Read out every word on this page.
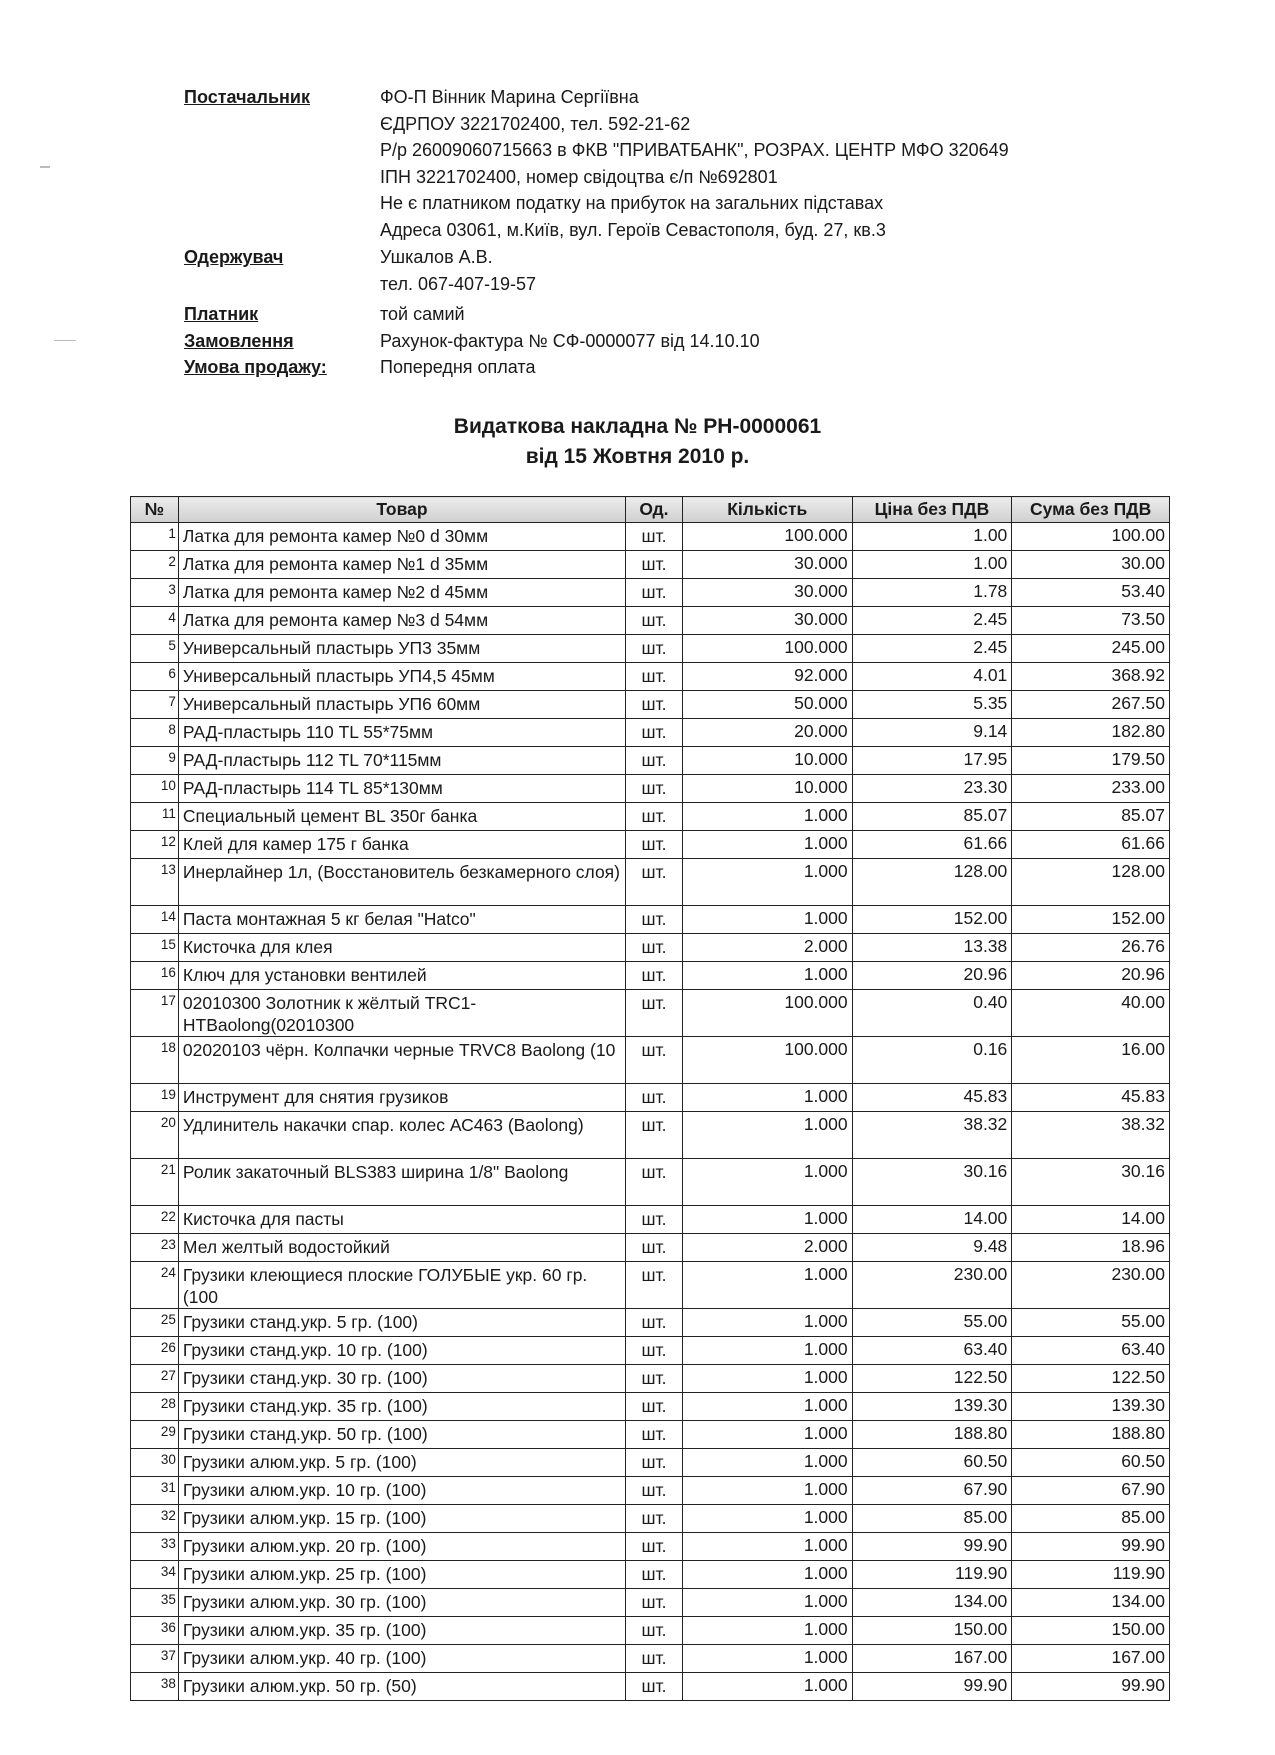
Постачальник	ФО-П Вінник Марина Сергіївна
ЄДРПОУ 3221702400, тел. 592-21-62
Р/р 26009060715663 в ФКВ "ПРИВАТБАНК", РОЗРАХ. ЦЕНТР МФО 320649
ІПН 3221702400, номер свідоцтва є/п №692801
Не є платником податку на прибуток на загальних підставах
Адреса 03061, м.Київ, вул. Героїв Севастополя, буд. 27, кв.3
Одержувач	Ушкалов А.В.
тел. 067-407-19-57
Платник	той самий
Замовлення	Рахунок-фактура № СФ-0000077 від 14.10.10
Умова продажу:	Попередня оплата
Видаткова накладна № РН-0000061
від 15 Жовтня 2010 р.
№	Товар	Од.	Кількість	Ціна без ПДВ	Сума без ПДВ
1	Латка для ремонта камер №0 d 30мм	шт.	100.000	1.00	100.00
2	Латка для ремонта камер №1 d 35мм	шт.	30.000	1.00	30.00
3	Латка для ремонта камер №2 d 45мм	шт.	30.000	1.78	53.40
4	Латка для ремонта камер №3 d 54мм	шт.	30.000	2.45	73.50
5	Универсальный пластырь УП3 35мм	шт.	100.000	2.45	245.00
6	Универсальный пластырь УП4,5 45мм	шт.	92.000	4.01	368.92
7	Универсальный пластырь УП6 60мм	шт.	50.000	5.35	267.50
8	РАД-пластырь 110 TL 55*75мм	шт.	20.000	9.14	182.80
9	РАД-пластырь 112 TL 70*115мм	шт.	10.000	17.95	179.50
10	РАД-пластырь 114 TL 85*130мм	шт.	10.000	23.30	233.00
11	Специальный цемент BL 350г банка	шт.	1.000	85.07	85.07
12	Клей для камер 175 г банка	шт.	1.000	61.66	61.66
13	Инерлайнер 1л, (Восстановитель безкамерного слоя)	шт.	1.000	128.00	128.00
14	Паста монтажная 5 кг белая "Hatco"	шт.	1.000	152.00	152.00
15	Кисточка для клея	шт.	2.000	13.38	26.76
16	Ключ для установки вентилей	шт.	1.000	20.96	20.96
17	02010300 Золотник к жёлтый TRC1-HTBaolong(02010300	шт.	100.000	0.40	40.00
18	02020103 чёрн. Колпачки черные TRVC8 Baolong (10	шт.	100.000	0.16	16.00
19	Инструмент для снятия грузиков	шт.	1.000	45.83	45.83
20	Удлинитель накачки спар. колес АС463 (Baolong)	шт.	1.000	38.32	38.32
21	Ролик закаточный BLS383 ширина 1/8" Baolong	шт.	1.000	30.16	30.16
22	Кисточка для пасты	шт.	1.000	14.00	14.00
23	Мел желтый водостойкий	шт.	2.000	9.48	18.96
24	Грузики клеющиеся плоские ГОЛУБЫЕ укр. 60 гр. (100	шт.	1.000	230.00	230.00
25	Грузики станд.укр. 5 гр. (100)	шт.	1.000	55.00	55.00
26	Грузики станд.укр. 10 гр. (100)	шт.	1.000	63.40	63.40
27	Грузики станд.укр. 30 гр. (100)	шт.	1.000	122.50	122.50
28	Грузики станд.укр. 35 гр. (100)	шт.	1.000	139.30	139.30
29	Грузики станд.укр. 50 гр. (100)	шт.	1.000	188.80	188.80
30	Грузики алюм.укр. 5 гр. (100)	шт.	1.000	60.50	60.50
31	Грузики алюм.укр. 10 гр. (100)	шт.	1.000	67.90	67.90
32	Грузики алюм.укр. 15 гр. (100)	шт.	1.000	85.00	85.00
33	Грузики алюм.укр. 20 гр. (100)	шт.	1.000	99.90	99.90
34	Грузики алюм.укр. 25 гр. (100)	шт.	1.000	119.90	119.90
35	Грузики алюм.укр. 30 гр. (100)	шт.	1.000	134.00	134.00
36	Грузики алюм.укр. 35 гр. (100)	шт.	1.000	150.00	150.00
37	Грузики алюм.укр. 40 гр. (100)	шт.	1.000	167.00	167.00
38	Грузики алюм.укр. 50 гр. (50)	шт.	1.000	99.90	99.90
